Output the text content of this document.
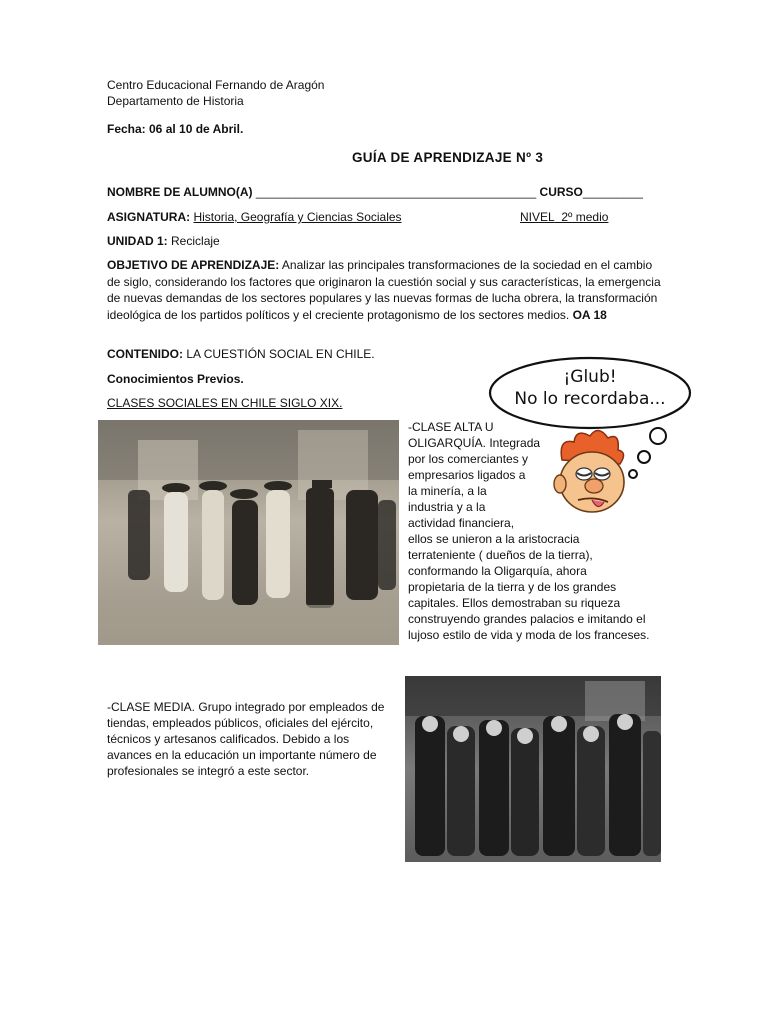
Centro Educacional Fernando de Aragón
Departamento de Historia
Fecha: 06 al 10 de Abril.
GUÍA DE APRENDIZAJE Nº 3
NOMBRE DE ALUMNO(A) __________________________________________ CURSO_________
ASIGNATURA: Historia, Geografía y Ciencias Sociales	NIVEL 2º medio
UNIDAD 1: Reciclaje
OBJETIVO DE APRENDIZAJE: Analizar las principales transformaciones de la sociedad en el cambio de siglo, considerando los factores que originaron la cuestión social y sus características, la emergencia de nuevas demandas de los sectores populares y las nuevas formas de lucha obrera, la transformación ideológica de los partidos políticos y el creciente protagonismo de los sectores medios. OA 18
CONTENIDO: LA CUESTIÓN SOCIAL EN CHILE.
Conocimientos Previos.
CLASES SOCIALES EN CHILE SIGLO XIX.
¡Glub!
No lo recordaba...
-CLASE ALTA U
OLIGARQUÍA. Integrada
por los comerciantes y
empresarios ligados a
la minería, a la
industria y a la
actividad financiera,
ellos se unieron a la aristocracia
terrateniente ( dueños de la tierra),
conformando la Oligarquía, ahora
propietaria de la tierra y de los grandes
capitales. Ellos demostraban su riqueza
construyendo grandes palacios e imitando el
lujoso estilo de vida y moda de los franceses.
-CLASE MEDIA. Grupo integrado por empleados de
tiendas, empleados públicos, oficiales del ejército,
técnicos y artesanos calificados. Debido a los
avances en la educación un importante número de
profesionales se integró a este sector.
